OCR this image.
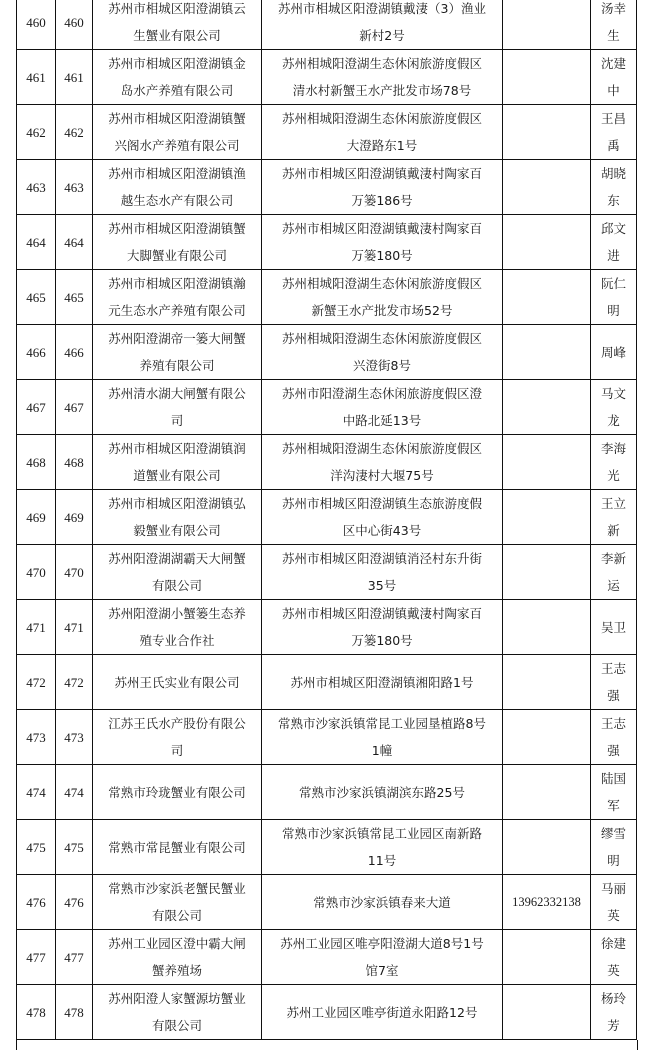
460	460	苏州市相城区阳澄湖镇云
生蟹业有限公司	苏州市相城区阳澄湖镇戴淒（3）渔业
新村2号		汤幸
生

461	461	苏州市相城区阳澄湖镇金
岛水产养殖有限公司	苏州相城阳澄湖生态休闲旅游度假区
清水村新蟹王水产批发市场78号		沈建
中

462	462	苏州市相城区阳澄湖镇蟹
兴阁水产养殖有限公司	苏州相城阳澄湖生态休闲旅游度假区
大澄路东1号		王昌
禹

463	463	苏州市相城区阳澄湖镇渔
越生态水产有限公司	苏州市相城区阳澄湖镇戴淒村陶家百
万篓186号		胡晓
东

464	464	苏州市相城区阳澄湖镇蟹
大脚蟹业有限公司	苏州市相城区阳澄湖镇戴淒村陶家百
万篓180号		邱文
进

465	465	苏州市相城区阳澄湖镇瀚
元生态水产养殖有限公司	苏州相城阳澄湖生态休闲旅游度假区
新蟹王水产批发市场52号		阮仁
明

466	466	苏州阳澄湖帝一篓大闸蟹
养殖有限公司	苏州相城阳澄湖生态休闲旅游度假区
兴澄街8号		周峰

467	467	苏州清水湖大闸蟹有限公
司	苏州市阳澄湖生态休闲旅游度假区澄
中路北延13号		马文
龙

468	468	苏州市相城区阳澄湖镇润
道蟹业有限公司	苏州相城阳澄湖生态休闲旅游度假区
洋沟淒村大堰75号		李海
光

469	469	苏州市相城区阳澄湖镇弘
毅蟹业有限公司	苏州市相城区阳澄湖镇生态旅游度假
区中心街43号		王立
新

470	470	苏州阳澄湖湖霸天大闸蟹
有限公司	苏州市相城区阳澄湖镇消泾村东升街
35号		李新
运

471	471	苏州阳澄湖小蟹篓生态养
殖专业合作社	苏州市相城区阳澄湖镇戴淒村陶家百
万篓180号		吴卫

472	472	苏州王氏实业有限公司	苏州市相城区阳澄湖镇湘阳路1号		王志
强

473	473	江苏王氏水产股份有限公
司	常熟市沙家浜镇常昆工业园垦植路8号
1幢		王志
强

474	474	常熟市玲珑蟹业有限公司	常熟市沙家浜镇湖滨东路25号		陆国
军

475	475	常熟市常昆蟹业有限公司	常熟市沙家浜镇常昆工业园区南新路
11号		缪雪
明

476	476	常熟市沙家浜老蟹民蟹业
有限公司	常熟市沙家浜镇春来大道	13962332138	马丽
英

477	477	苏州工业园区澄中霸大闸
蟹养殖场	苏州工业园区唯亭阳澄湖大道8号1号
馆7室		徐建
英

478	478	苏州阳澄人家蟹源坊蟹业
有限公司	苏州工业园区唯亭街道永阳路12号		杨玲
芳
